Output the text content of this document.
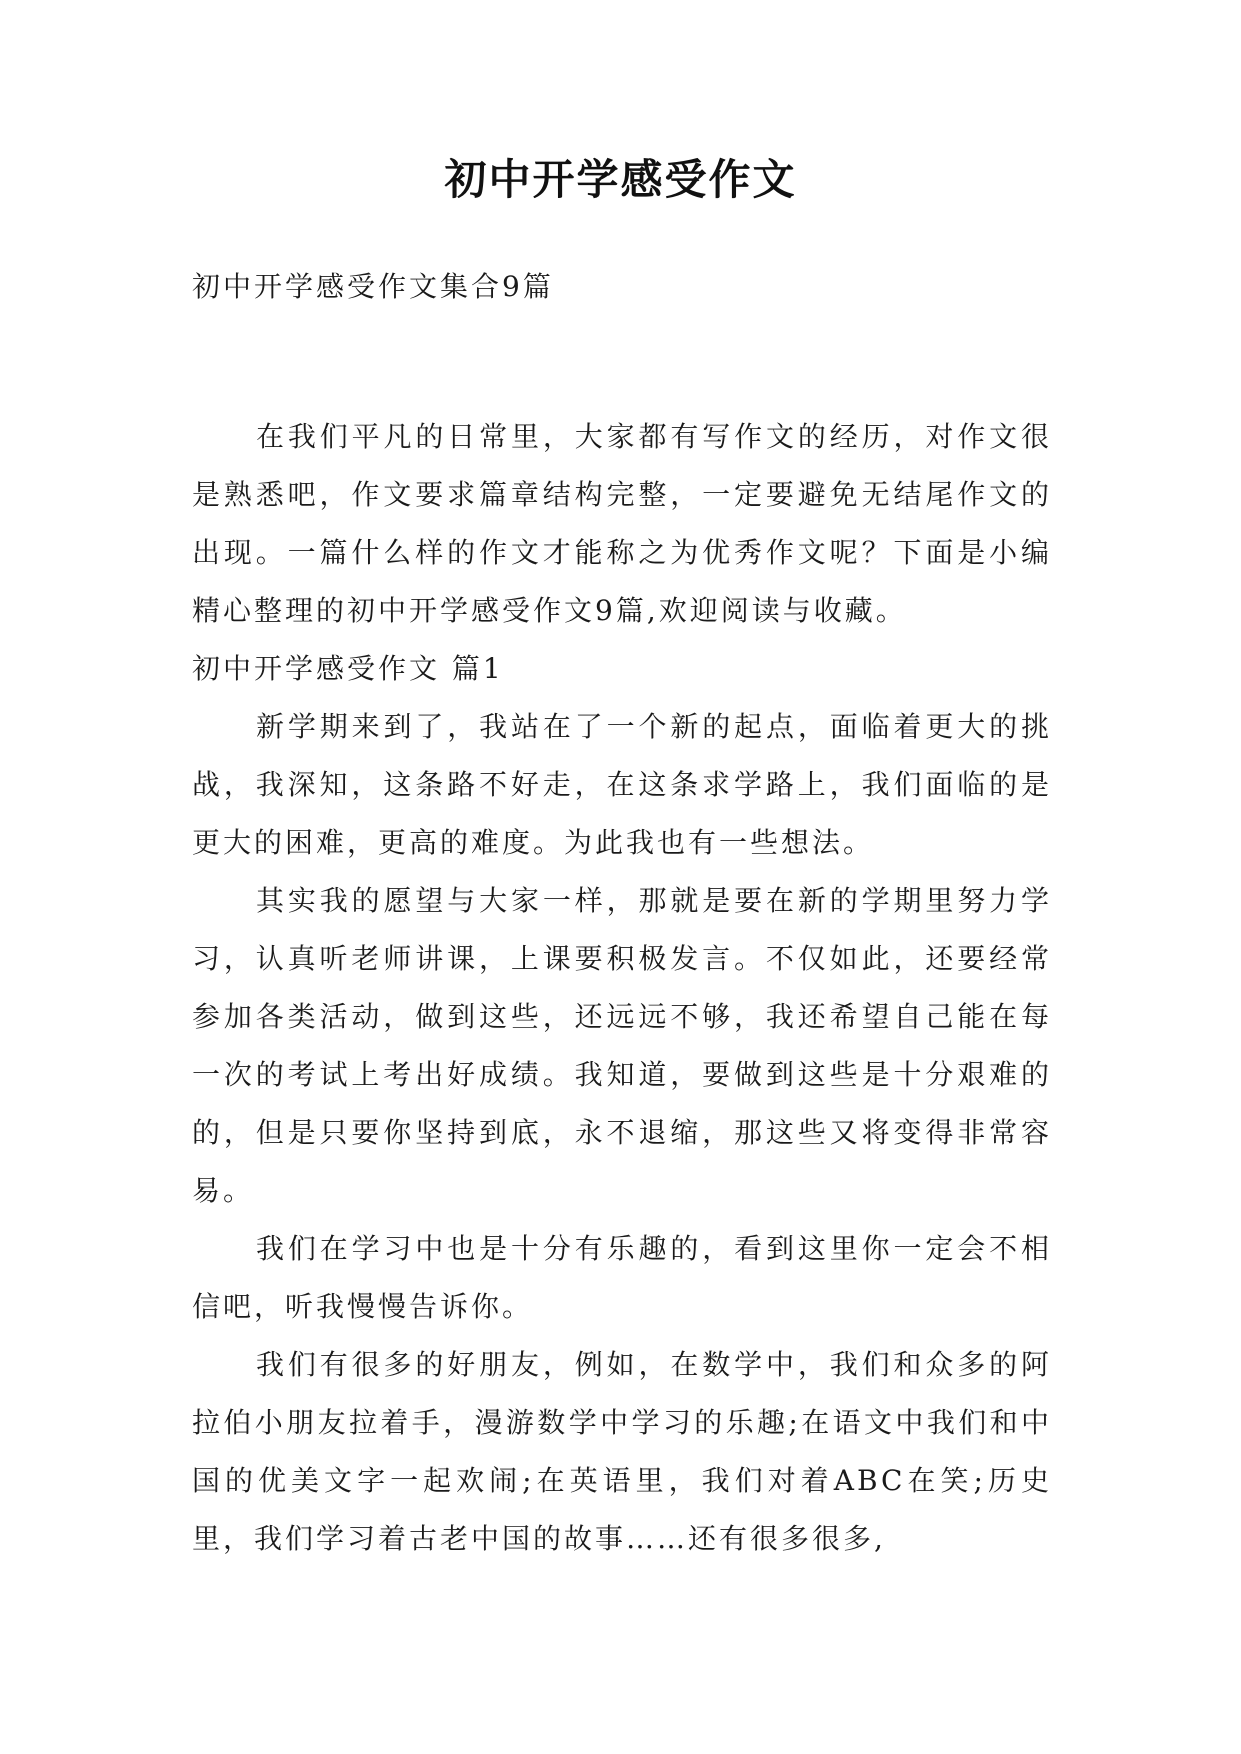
初中开学感受作文
初中开学感受作文集合9篇

在我们平凡的日常里，大家都有写作文的经历，对作文很是熟悉吧，作文要求篇章结构完整，一定要避免无结尾作文的出现。一篇什么样的作文才能称之为优秀作文呢？下面是小编精心整理的初中开学感受作文9篇,欢迎阅读与收藏。

初中开学感受作文 篇1

新学期来到了，我站在了一个新的起点，面临着更大的挑战，我深知，这条路不好走，在这条求学路上，我们面临的是更大的困难，更高的难度。为此我也有一些想法。

其实我的愿望与大家一样，那就是要在新的学期里努力学习，认真听老师讲课，上课要积极发言。不仅如此，还要经常参加各类活动，做到这些，还远远不够，我还希望自己能在每一次的考试上考出好成绩。我知道，要做到这些是十分艰难的的，但是只要你坚持到底，永不退缩，那这些又将变得非常容易。

我们在学习中也是十分有乐趣的，看到这里你一定会不相信吧，听我慢慢告诉你。

我们有很多的好朋友，例如，在数学中，我们和众多的阿拉伯小朋友拉着手，漫游数学中学习的乐趣;在语文中我们和中国的优美文字一起欢闹;在英语里，我们对着ABC在笑;历史里，我们学习着古老中国的故事……还有很多很多,
